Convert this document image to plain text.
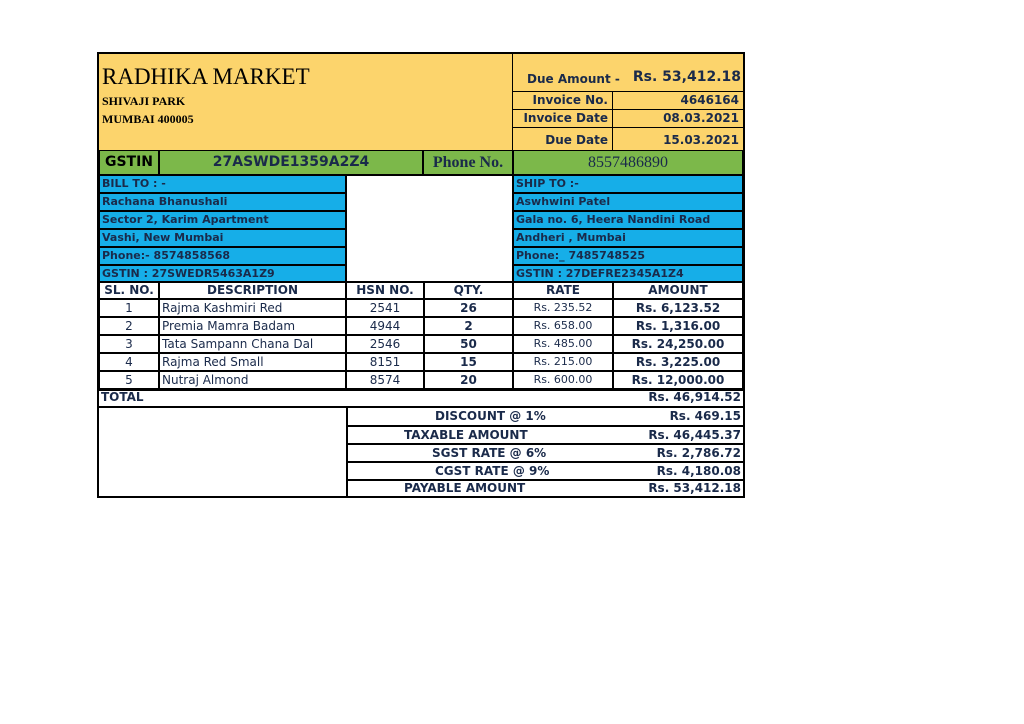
RADHIKA MARKET
SHIVAJI PARK
MUMBAI 400005
Due Amount - Rs. 53,412.18
Invoice No.	4646164
Invoice Date	08.03.2021
Due Date	15.03.2021
GSTIN	27ASWDE1359A2Z4	Phone No.	8557486890
BILL TO : -
Rachana Bhanushali
Sector 2, Karim Apartment
Vashi, New Mumbai
Phone:- 8574858568
GSTIN : 27SWEDR5463A1Z9
SHIP TO :-
Aswhwini Patel
Gala no. 6, Heera Nandini Road
Andheri , Mumbai
Phone:_ 7485748525
GSTIN : 27DEFRE2345A1Z4
SL. NO.	DESCRIPTION	HSN NO.	QTY.	RATE	AMOUNT
1	Rajma Kashmiri Red	2541	26	Rs. 235.52	Rs. 6,123.52
2	Premia Mamra Badam	4944	2	Rs. 658.00	Rs. 1,316.00
3	Tata Sampann Chana Dal	2546	50	Rs. 485.00	Rs. 24,250.00
4	Rajma Red Small	8151	15	Rs. 215.00	Rs. 3,225.00
5	Nutraj Almond	8574	20	Rs. 600.00	Rs. 12,000.00
TOTAL	Rs. 46,914.52
DISCOUNT @ 1%	Rs. 469.15
TAXABLE AMOUNT	Rs. 46,445.37
SGST RATE @ 6%	Rs. 2,786.72
CGST RATE @ 9%	Rs. 4,180.08
PAYABLE AMOUNT	Rs. 53,412.18
